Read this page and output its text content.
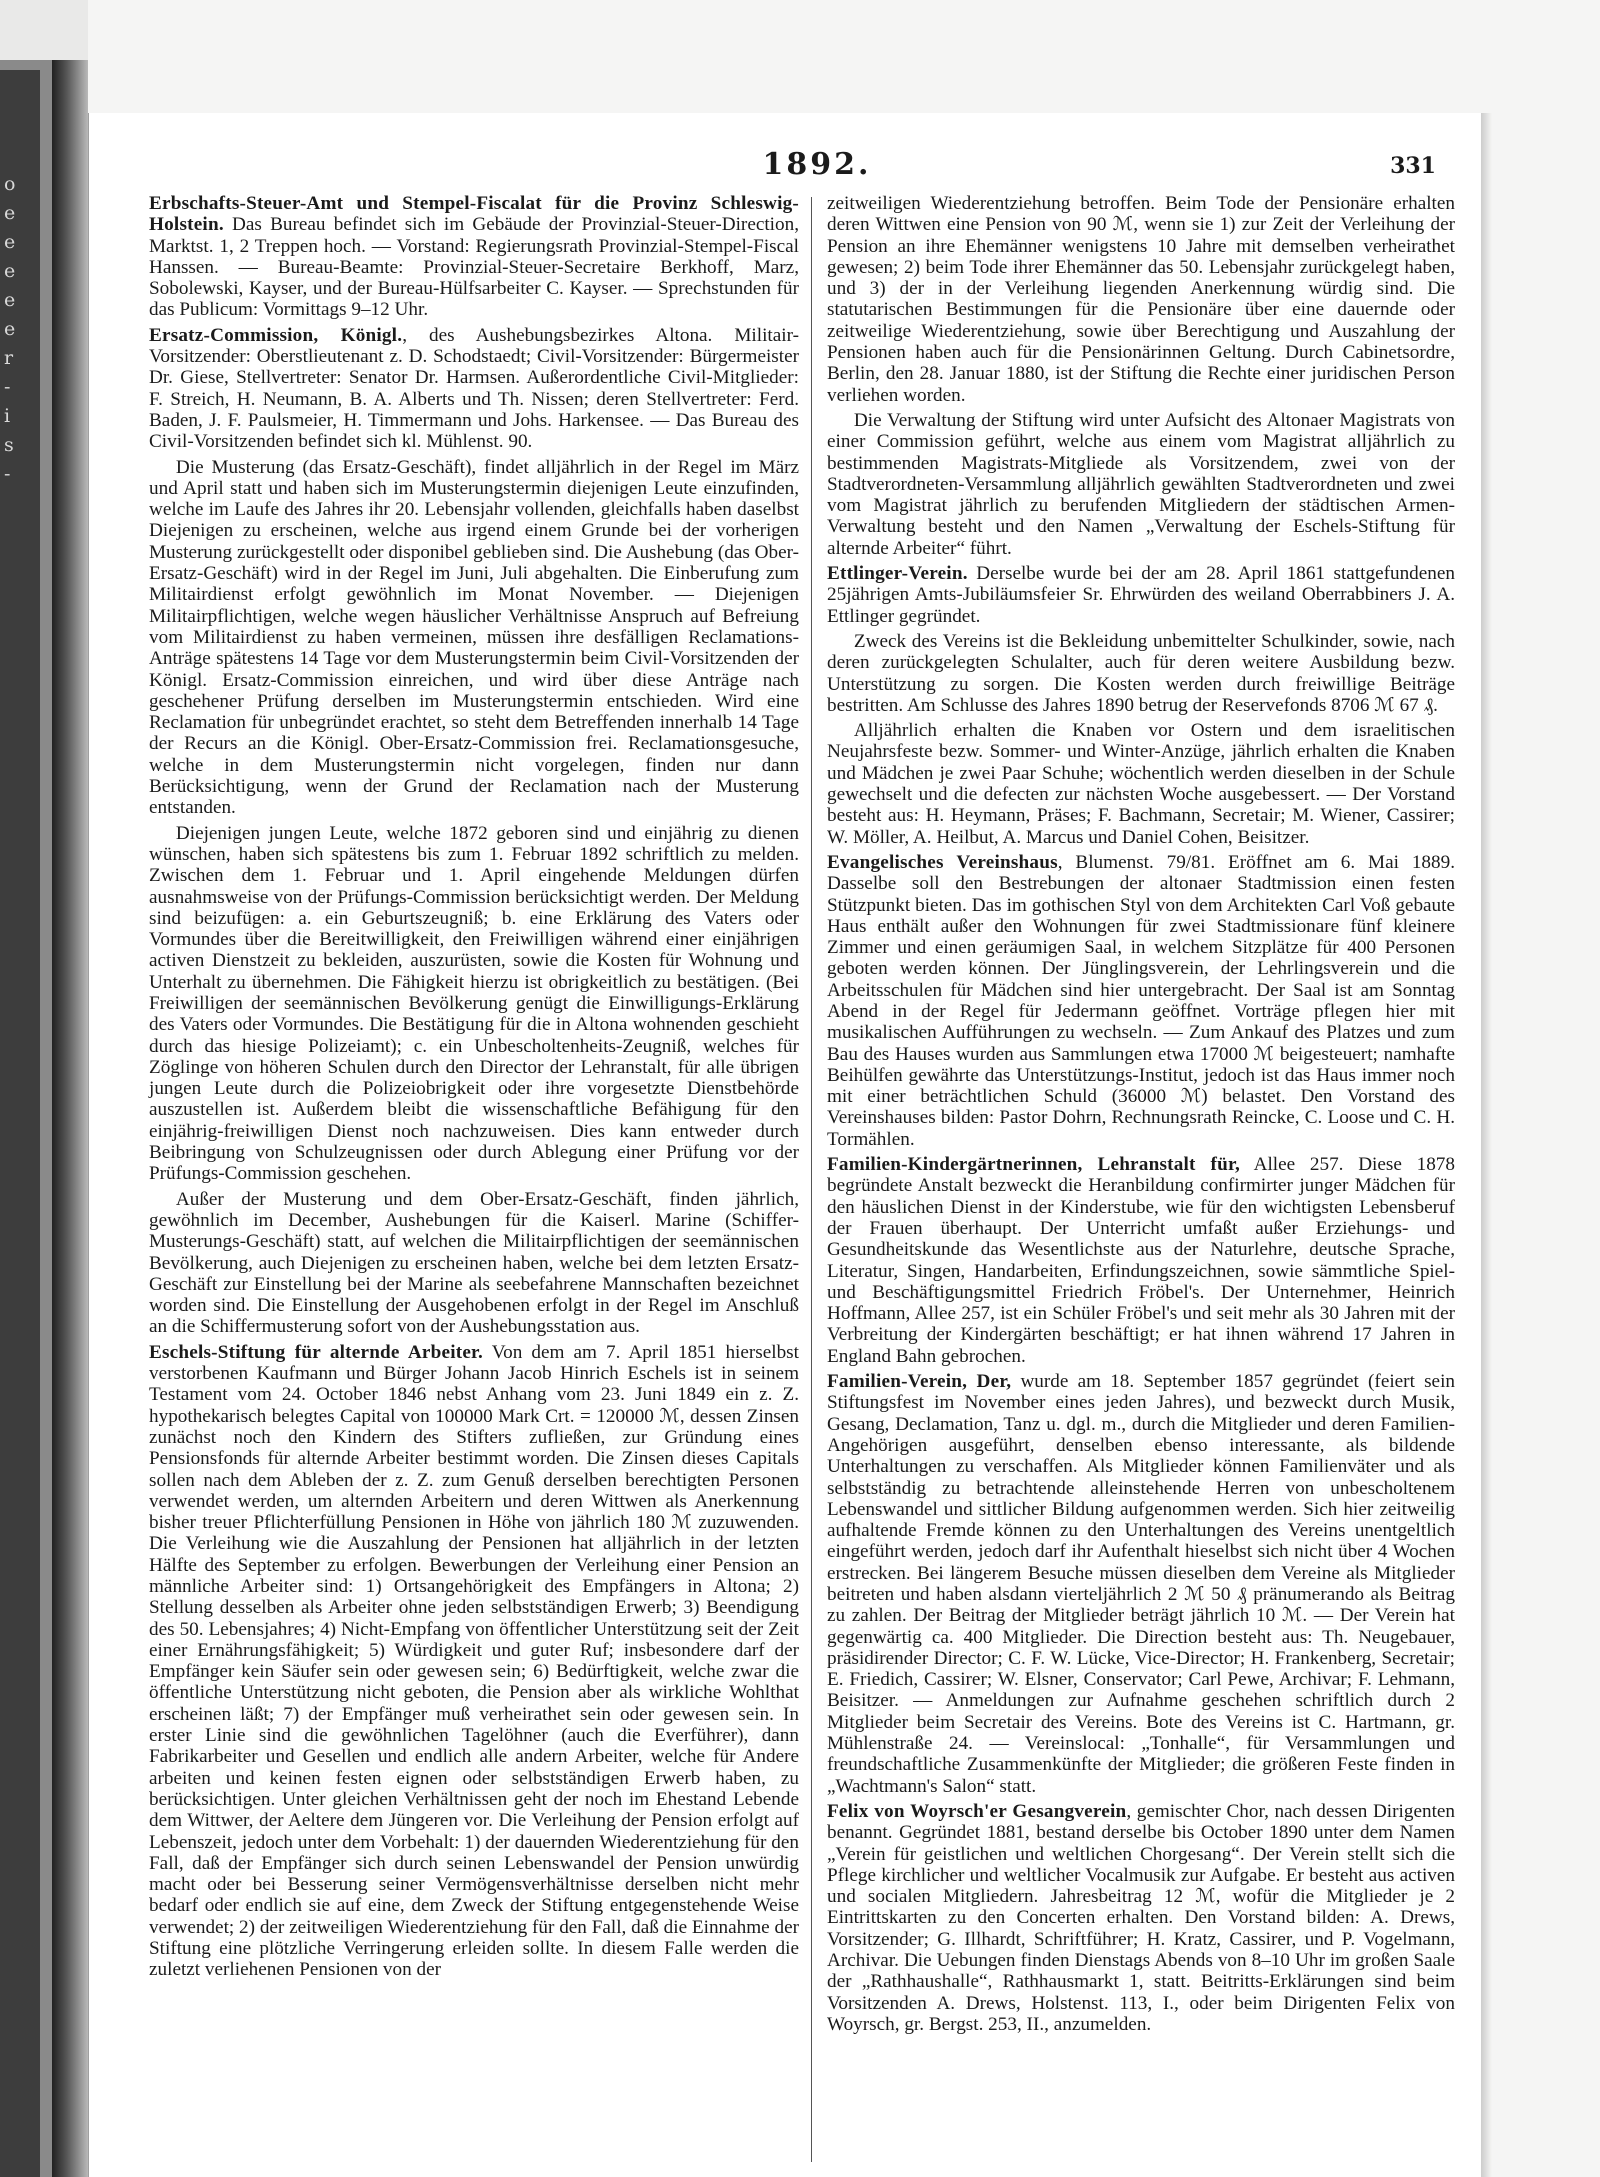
o
e
e
e
e
e
r
-
i
s
-
1892.	331

Erbschafts-Steuer-Amt und Stempel-Fiscalat für die Provinz Schleswig-Holstein. Das Bureau befindet sich im Gebäude der Provinzial-Steuer-Direction, Marktst. 1, 2 Treppen hoch. — Vorstand: Regierungsrath Provinzial-Stempel-Fiscal Hanssen. — Bureau-Beamte: Provinzial-Steuer-Secretaire Berkhoff, Marz, Sobolewski, Kayser, und der Bureau-Hülfsarbeiter C. Kayser. — Sprechstunden für das Publicum: Vormittags 9–12 Uhr.

Ersatz-Commission, Königl., des Aushebungsbezirkes Altona. Militair-Vorsitzender: Oberstlieutenant z. D. Schodstaedt; Civil-Vorsitzender: Bürgermeister Dr. Giese, Stellvertreter: Senator Dr. Harmsen. Außerordentliche Civil-Mitglieder: F. Streich, H. Neumann, B. A. Alberts und Th. Nissen; deren Stellvertreter: Ferd. Baden, J. F. Paulsmeier, H. Timmermann und Johs. Harkensee. — Das Bureau des Civil-Vorsitzenden befindet sich kl. Mühlenst. 90.

Die Musterung (das Ersatz-Geschäft), findet alljährlich in der Regel im März und April statt und haben sich im Musterungstermin diejenigen Leute einzufinden, welche im Laufe des Jahres ihr 20. Lebensjahr vollenden, gleichfalls haben daselbst Diejenigen zu erscheinen, welche aus irgend einem Grunde bei der vorherigen Musterung zurückgestellt oder disponibel geblieben sind. Die Aushebung (das Ober-Ersatz-Geschäft) wird in der Regel im Juni, Juli abgehalten. Die Einberufung zum Militairdienst erfolgt gewöhnlich im Monat November. — Diejenigen Militairpflichtigen, welche wegen häuslicher Verhältnisse Anspruch auf Befreiung vom Militairdienst zu haben vermeinen, müssen ihre desfälligen Reclamations-Anträge spätestens 14 Tage vor dem Musterungstermin beim Civil-Vorsitzenden der Königl. Ersatz-Commission einreichen, und wird über diese Anträge nach geschehener Prüfung derselben im Musterungstermin entschieden. Wird eine Reclamation für unbegründet erachtet, so steht dem Betreffenden innerhalb 14 Tage der Recurs an die Königl. Ober-Ersatz-Commission frei. Reclamationsgesuche, welche in dem Musterungstermin nicht vorgelegen, finden nur dann Berücksichtigung, wenn der Grund der Reclamation nach der Musterung entstanden.

Diejenigen jungen Leute, welche 1872 geboren sind und einjährig zu dienen wünschen, haben sich spätestens bis zum 1. Februar 1892 schriftlich zu melden. Zwischen dem 1. Februar und 1. April eingehende Meldungen dürfen ausnahmsweise von der Prüfungs-Commission berücksichtigt werden. Der Meldung sind beizufügen: a. ein Geburtszeugniß; b. eine Erklärung des Vaters oder Vormundes über die Bereitwilligkeit, den Freiwilligen während einer einjährigen activen Dienstzeit zu bekleiden, auszurüsten, sowie die Kosten für Wohnung und Unterhalt zu übernehmen. Die Fähigkeit hierzu ist obrigkeitlich zu bestätigen. (Bei Freiwilligen der seemännischen Bevölkerung genügt die Einwilligungs-Erklärung des Vaters oder Vormundes. Die Bestätigung für die in Altona wohnenden geschieht durch das hiesige Polizeiamt); c. ein Unbescholtenheits-Zeugniß, welches für Zöglinge von höheren Schulen durch den Director der Lehranstalt, für alle übrigen jungen Leute durch die Polizeiobrigkeit oder ihre vorgesetzte Dienstbehörde auszustellen ist. Außerdem bleibt die wissenschaftliche Befähigung für den einjährig-freiwilligen Dienst noch nachzuweisen. Dies kann entweder durch Beibringung von Schulzeugnissen oder durch Ablegung einer Prüfung vor der Prüfungs-Commission geschehen.

Außer der Musterung und dem Ober-Ersatz-Geschäft, finden jährlich, gewöhnlich im December, Aushebungen für die Kaiserl. Marine (Schiffer-Musterungs-Geschäft) statt, auf welchen die Militairpflichtigen der seemännischen Bevölkerung, auch Diejenigen zu erscheinen haben, welche bei dem letzten Ersatz-Geschäft zur Einstellung bei der Marine als seebefahrene Mannschaften bezeichnet worden sind. Die Einstellung der Ausgehobenen erfolgt in der Regel im Anschluß an die Schiffermusterung sofort von der Aushebungsstation aus.

Eschels-Stiftung für alternde Arbeiter. Von dem am 7. April 1851 hierselbst verstorbenen Kaufmann und Bürger Johann Jacob Hinrich Eschels ist in seinem Testament vom 24. October 1846 nebst Anhang vom 23. Juni 1849 ein z. Z. hypothekarisch belegtes Capital von 100000 Mark Crt. = 120000 ℳ, dessen Zinsen zunächst noch den Kindern des Stifters zufließen, zur Gründung eines Pensionsfonds für alternde Arbeiter bestimmt worden. Die Zinsen dieses Capitals sollen nach dem Ableben der z. Z. zum Genuß derselben berechtigten Personen verwendet werden, um alternden Arbeitern und deren Wittwen als Anerkennung bisher treuer Pflichterfüllung Pensionen in Höhe von jährlich 180 ℳ zuzuwenden. Die Verleihung wie die Auszahlung der Pensionen hat alljährlich in der letzten Hälfte des September zu erfolgen. Bewerbungen der Verleihung einer Pension an männliche Arbeiter sind: 1) Ortsangehörigkeit des Empfängers in Altona; 2) Stellung desselben als Arbeiter ohne jeden selbstständigen Erwerb; 3) Beendigung des 50. Lebensjahres; 4) Nicht-Empfang von öffentlicher Unterstützung seit der Zeit einer Ernährungsfähigkeit; 5) Würdigkeit und guter Ruf; insbesondere darf der Empfänger kein Säufer sein oder gewesen sein; 6) Bedürftigkeit, welche zwar die öffentliche Unterstützung nicht geboten, die Pension aber als wirkliche Wohlthat erscheinen läßt; 7) der Empfänger muß verheirathet sein oder gewesen sein. In erster Linie sind die gewöhnlichen Tagelöhner (auch die Everführer), dann Fabrikarbeiter und Gesellen und endlich alle andern Arbeiter, welche für Andere arbeiten und keinen festen eignen oder selbstständigen Erwerb haben, zu berücksichtigen. Unter gleichen Verhältnissen geht der noch im Ehestand Lebende dem Wittwer, der Aeltere dem Jüngeren vor. Die Verleihung der Pension erfolgt auf Lebenszeit, jedoch unter dem Vorbehalt: 1) der dauernden Wiederentziehung für den Fall, daß der Empfänger sich durch seinen Lebenswandel der Pension unwürdig macht oder bei Besserung seiner Vermögensverhältnisse derselben nicht mehr bedarf oder endlich sie auf eine, dem Zweck der Stiftung entgegenstehende Weise verwendet; 2) der zeitweiligen Wiederentziehung für den Fall, daß die Einnahme der Stiftung eine plötzliche Verringerung erleiden sollte. In diesem Falle werden die zuletzt verliehenen Pensionen von der

zeitweiligen Wiederentziehung betroffen. Beim Tode der Pensionäre erhalten deren Wittwen eine Pension von 90 ℳ, wenn sie 1) zur Zeit der Verleihung der Pension an ihre Ehemänner wenigstens 10 Jahre mit demselben verheirathet gewesen; 2) beim Tode ihrer Ehemänner das 50. Lebensjahr zurückgelegt haben, und 3) der in der Verleihung liegenden Anerkennung würdig sind. Die statutarischen Bestimmungen für die Pensionäre über eine dauernde oder zeitweilige Wiederentziehung, sowie über Berechtigung und Auszahlung der Pensionen haben auch für die Pensionärinnen Geltung. Durch Cabinetsordre, Berlin, den 28. Januar 1880, ist der Stiftung die Rechte einer juridischen Person verliehen worden.

Die Verwaltung der Stiftung wird unter Aufsicht des Altonaer Magistrats von einer Commission geführt, welche aus einem vom Magistrat alljährlich zu bestimmenden Magistrats-Mitgliede als Vorsitzendem, zwei von der Stadtverordneten-Versammlung alljährlich gewählten Stadtverordneten und zwei vom Magistrat jährlich zu berufenden Mitgliedern der städtischen Armen-Verwaltung besteht und den Namen „Verwaltung der Eschels-Stiftung für alternde Arbeiter“ führt.

Ettlinger-Verein. Derselbe wurde bei der am 28. April 1861 stattgefundenen 25jährigen Amts-Jubiläumsfeier Sr. Ehrwürden des weiland Oberrabbiners J. A. Ettlinger gegründet.

Zweck des Vereins ist die Bekleidung unbemittelter Schulkinder, sowie, nach deren zurückgelegten Schulalter, auch für deren weitere Ausbildung bezw. Unterstützung zu sorgen. Die Kosten werden durch freiwillige Beiträge bestritten. Am Schlusse des Jahres 1890 betrug der Reservefonds 8706 ℳ 67 ₰.

Alljährlich erhalten die Knaben vor Ostern und dem israelitischen Neujahrsfeste bezw. Sommer- und Winter-Anzüge, jährlich erhalten die Knaben und Mädchen je zwei Paar Schuhe; wöchentlich werden dieselben in der Schule gewechselt und die defecten zur nächsten Woche ausgebessert. — Der Vorstand besteht aus: H. Heymann, Präses; F. Bachmann, Secretair; M. Wiener, Cassirer; W. Möller, A. Heilbut, A. Marcus und Daniel Cohen, Beisitzer.

Evangelisches Vereinshaus, Blumenst. 79/81. Eröffnet am 6. Mai 1889. Dasselbe soll den Bestrebungen der altonaer Stadtmission einen festen Stützpunkt bieten. Das im gothischen Styl von dem Architekten Carl Voß gebaute Haus enthält außer den Wohnungen für zwei Stadtmissionare fünf kleinere Zimmer und einen geräumigen Saal, in welchem Sitzplätze für 400 Personen geboten werden können. Der Jünglingsverein, der Lehrlingsverein und die Arbeitsschulen für Mädchen sind hier untergebracht. Der Saal ist am Sonntag Abend in der Regel für Jedermann geöffnet. Vorträge pflegen hier mit musikalischen Aufführungen zu wechseln. — Zum Ankauf des Platzes und zum Bau des Hauses wurden aus Sammlungen etwa 17000 ℳ beigesteuert; namhafte Beihülfen gewährte das Unterstützungs-Institut, jedoch ist das Haus immer noch mit einer beträchtlichen Schuld (36000 ℳ) belastet. Den Vorstand des Vereinshauses bilden: Pastor Dohrn, Rechnungsrath Reincke, C. Loose und C. H. Tormählen.

Familien-Kindergärtnerinnen, Lehranstalt für, Allee 257. Diese 1878 begründete Anstalt bezweckt die Heranbildung confirmirter junger Mädchen für den häuslichen Dienst in der Kinderstube, wie für den wichtigsten Lebensberuf der Frauen überhaupt. Der Unterricht umfaßt außer Erziehungs- und Gesundheitskunde das Wesentlichste aus der Naturlehre, deutsche Sprache, Literatur, Singen, Handarbeiten, Erfindungszeichnen, sowie sämmtliche Spiel- und Beschäftigungsmittel Friedrich Fröbel's. Der Unternehmer, Heinrich Hoffmann, Allee 257, ist ein Schüler Fröbel's und seit mehr als 30 Jahren mit der Verbreitung der Kindergärten beschäftigt; er hat ihnen während 17 Jahren in England Bahn gebrochen.

Familien-Verein, Der, wurde am 18. September 1857 gegründet (feiert sein Stiftungsfest im November eines jeden Jahres), und bezweckt durch Musik, Gesang, Declamation, Tanz u. dgl. m., durch die Mitglieder und deren Familien-Angehörigen ausgeführt, denselben ebenso interessante, als bildende Unterhaltungen zu verschaffen. Als Mitglieder können Familienväter und als selbstständig zu betrachtende alleinstehende Herren von unbescholtenem Lebenswandel und sittlicher Bildung aufgenommen werden. Sich hier zeitweilig aufhaltende Fremde können zu den Unterhaltungen des Vereins unentgeltlich eingeführt werden, jedoch darf ihr Aufenthalt hieselbst sich nicht über 4 Wochen erstrecken. Bei längerem Besuche müssen dieselben dem Vereine als Mitglieder beitreten und haben alsdann vierteljährlich 2 ℳ 50 ₰ pränumerando als Beitrag zu zahlen. Der Beitrag der Mitglieder beträgt jährlich 10 ℳ. — Der Verein hat gegenwärtig ca. 400 Mitglieder. Die Direction besteht aus: Th. Neugebauer, präsidirender Director; C. F. W. Lücke, Vice-Director; H. Frankenberg, Secretair; E. Friedich, Cassirer; W. Elsner, Conservator; Carl Pewe, Archivar; F. Lehmann, Beisitzer. — Anmeldungen zur Aufnahme geschehen schriftlich durch 2 Mitglieder beim Secretair des Vereins. Bote des Vereins ist C. Hartmann, gr. Mühlenstraße 24. — Vereinslocal: „Tonhalle“, für Versammlungen und freundschaftliche Zusammenkünfte der Mitglieder; die größeren Feste finden in „Wachtmann's Salon“ statt.

Felix von Woyrsch'er Gesangverein, gemischter Chor, nach dessen Dirigenten benannt. Gegründet 1881, bestand derselbe bis October 1890 unter dem Namen „Verein für geistlichen und weltlichen Chorgesang“. Der Verein stellt sich die Pflege kirchlicher und weltlicher Vocalmusik zur Aufgabe. Er besteht aus activen und socialen Mitgliedern. Jahresbeitrag 12 ℳ, wofür die Mitglieder je 2 Eintrittskarten zu den Concerten erhalten. Den Vorstand bilden: A. Drews, Vorsitzender; G. Illhardt, Schriftführer; H. Kratz, Cassirer, und P. Vogelmann, Archivar. Die Uebungen finden Dienstags Abends von 8–10 Uhr im großen Saale der „Rathhaushalle“, Rathhausmarkt 1, statt. Beitritts-Erklärungen sind beim Vorsitzenden A. Drews, Holstenst. 113, I., oder beim Dirigenten Felix von Woyrsch, gr. Bergst. 253, II., anzumelden.
